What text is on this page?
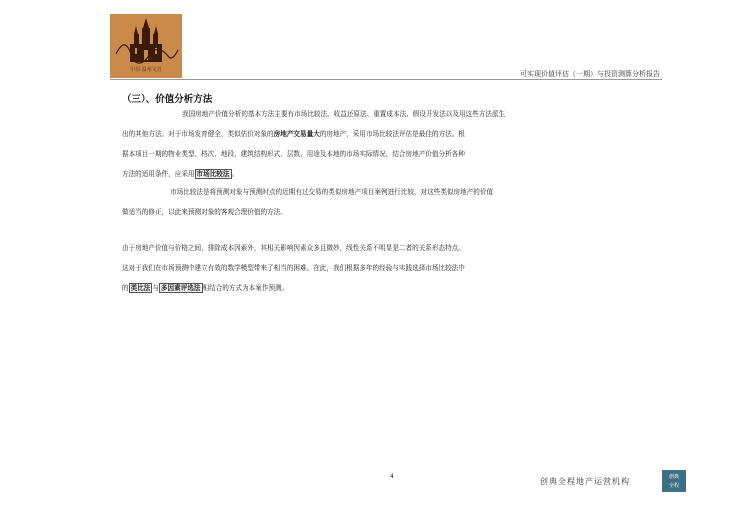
中原·温州文昌	可实现价值评估（一期）与投资测算分析报告
（三）、价值分析方法
我国房地产价值分析的基本方法主要有市场比较法、收益还原法、重置成本法、假设开发法以及用这些方法派生
出的其他方法。对于市场发育健全，类似估价对象的房地产交易量大的房地产，采用市场比较法评估是最佳的方法。根
据本项目一期的物业类型、档次、地段、建筑结构形式、层数、用途及本地的市场实际情况，结合房地产价值分析各种
方法的适用条件，应采用 市场比较法 。
市场比较法是将预测对象与预测时点的近期有过交易的类似房地产项目案例进行比较，对这些类似房地产的价值
做适当的修正，以此来预测对象的客观合理价值的方法。
由于房地产价值与价格之间，排除成本因素外，其相关影响因素众多且微妙，线性关系不明显是二者的关系形态特点。
这对于我们在市场预测中建立有效的数学模型带来了相当的困难。在此，我们根据多年的经验与实践选择市场比较法中
的 类比法 与 多因素评选法 相结合的方式为本案作预测。
4
创典全程地产运营机构	創典
全程
